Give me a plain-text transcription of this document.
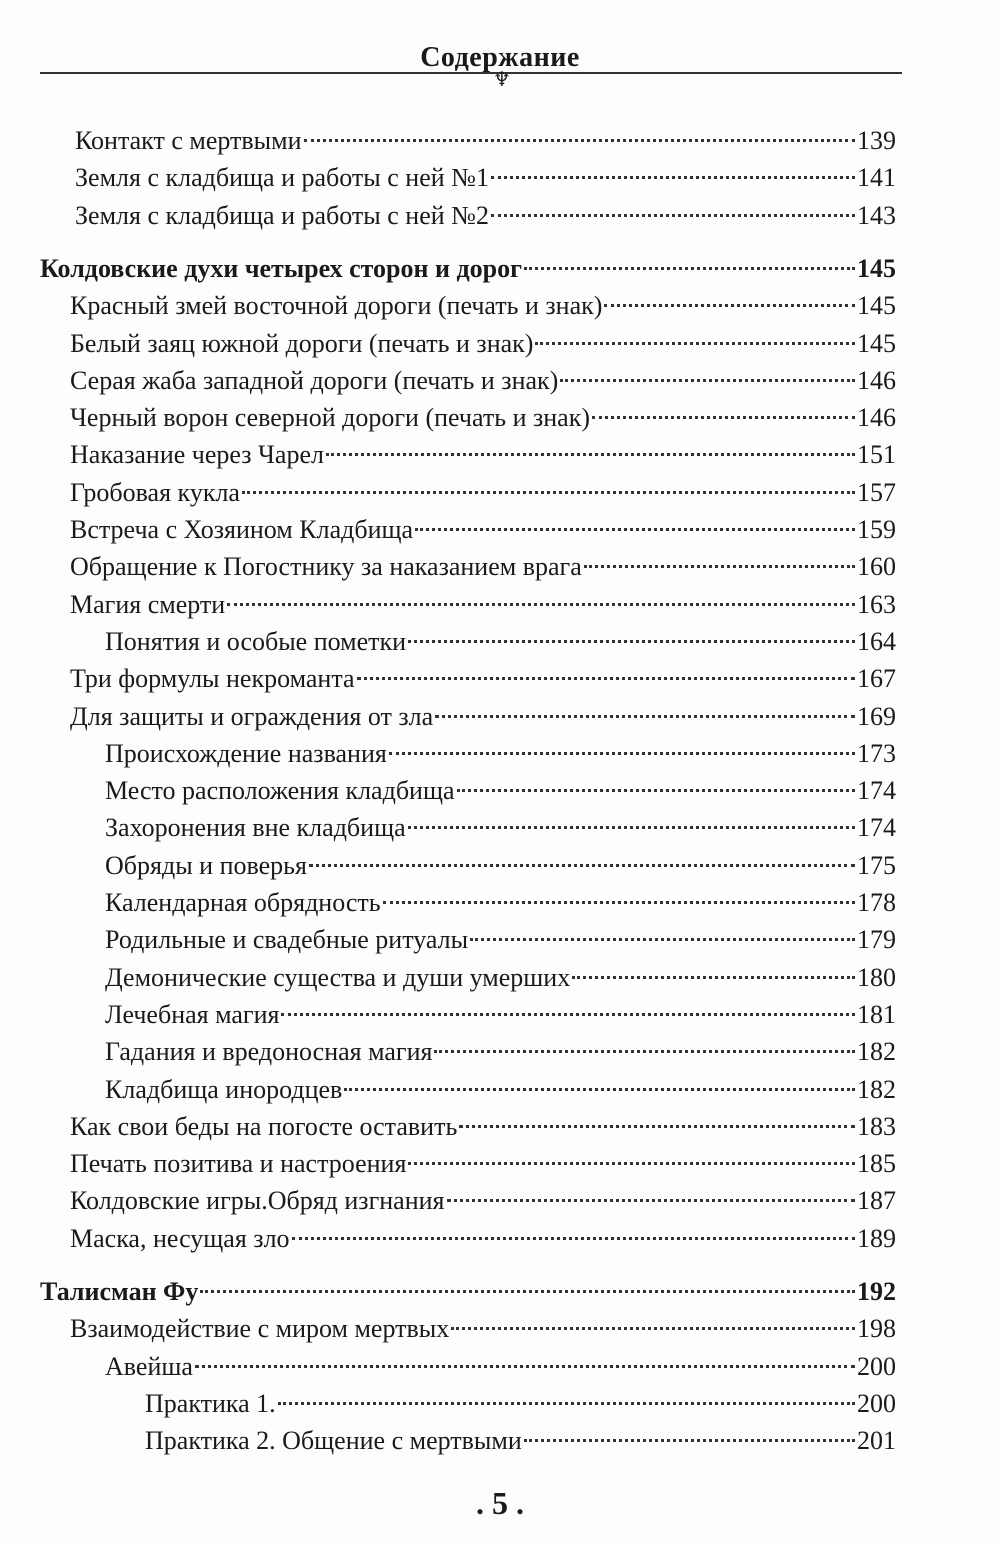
Содержание
♆
Контакт с мертвыми	139
Земля с кладбища и работы с ней №1	141
Земля с кладбища и работы с ней №2	143
Колдовские духи четырех сторон и дорог	145
Красный змей восточной дороги (печать и знак)	145
Белый заяц южной дороги (печать и знак)	145
Серая жаба западной дороги (печать и знак)	146
Черный ворон северной дороги (печать и знак)	146
Наказание через Чарел	151
Гробовая кукла	157
Встреча с Хозяином Кладбища	159
Обращение к Погостнику за наказанием врага	160
Магия смерти	163
Понятия и особые пометки	164
Три формулы некроманта	167
Для защиты и ограждения от зла	169
Происхождение названия	173
Место расположения кладбища	174
Захоронения вне кладбища	174
Обряды и поверья	175
Календарная обрядность	178
Родильные и свадебные ритуалы	179
Демонические существа и души умерших	180
Лечебная магия	181
Гадания и вредоносная магия	182
Кладбища инородцев	182
Как свои беды на погосте оставить	183
Печать позитива и настроения	185
Колдовские игры.Обряд изгнания	187
Маска, несущая зло	189
Талисман Фу	192
Взаимодействие с миром мертвых	198
Авейша	200
Практика 1.	200
Практика 2. Общение с мертвыми	201
. 5 .
